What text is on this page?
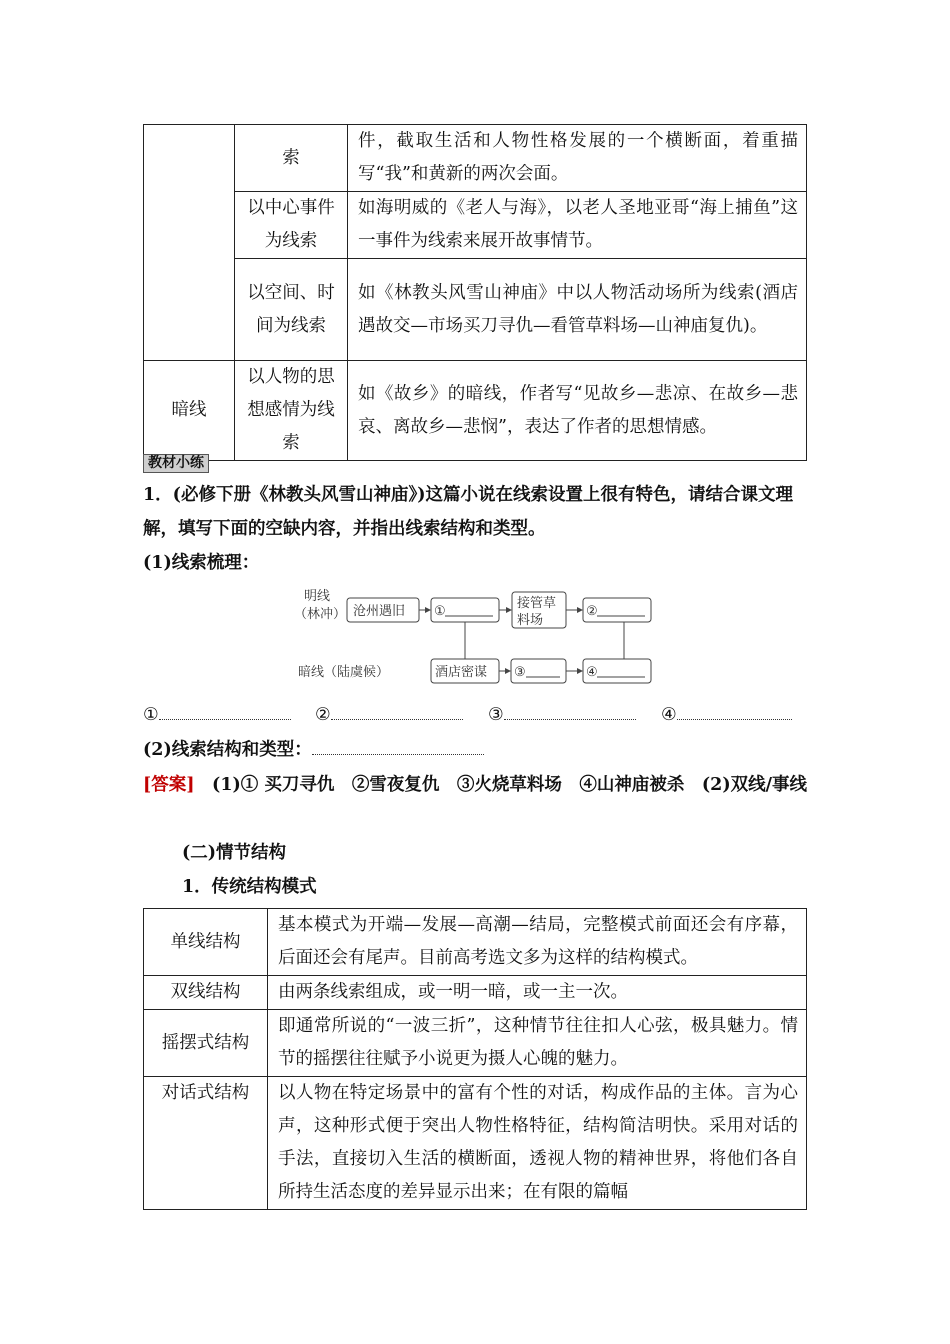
	索	件，截取生活和人物性格发展的一个横断面，着重描写“我”和黄新的两次会面。
	以中心事件为线索	如海明威的《老人与海》，以老人圣地亚哥“海上捕鱼”这一事件为线索来展开故事情节。
	以空间、时间为线索	如《林教头风雪山神庙》中以人物活动场所为线索(酒店遇故交—市场买刀寻仇—看管草料场—山神庙复仇)。
暗线	以人物的思想感情为线索	如《故乡》的暗线，作者写“见故乡—悲凉、在故乡—悲哀、离故乡—悲悯”，表达了作者的思想情感。
教材小练
1．(必修下册《林教头风雪山神庙》)这篇小说在线索设置上很有特色，请结合课文理解，填写下面的空缺内容，并指出线索结构和类型。
(1)线索梳理：
明线
（林冲）
暗线（陆虞候）
沧州遇旧 ①
接管草
料场
②
酒店密谋 ③	④
①	②	③	④
(2)线索结构和类型：
[答案]　(1)① 买刀寻仇　②雪夜复仇　③火烧草料场　④山神庙被杀　(2)双线/事线
(二)情节结构
1．传统结构模式
单线结构	基本模式为开端—发展—高潮—结局，完整模式前面还会有序幕，后面还会有尾声。目前高考选文多为这样的结构模式。
双线结构	由两条线索组成，或一明一暗，或一主一次。
摇摆式结构	即通常所说的“一波三折”，这种情节往往扣人心弦，极具魅力。情节的摇摆往往赋予小说更为摄人心魄的魅力。
对话式结构	以人物在特定场景中的富有个性的对话，构成作品的主体。言为心声，这种形式便于突出人物性格特征，结构简洁明快。采用对话的手法，直接切入生活的横断面，透视人物的精神世界，将他们各自所持生活态度的差异显示出来；在有限的篇幅
